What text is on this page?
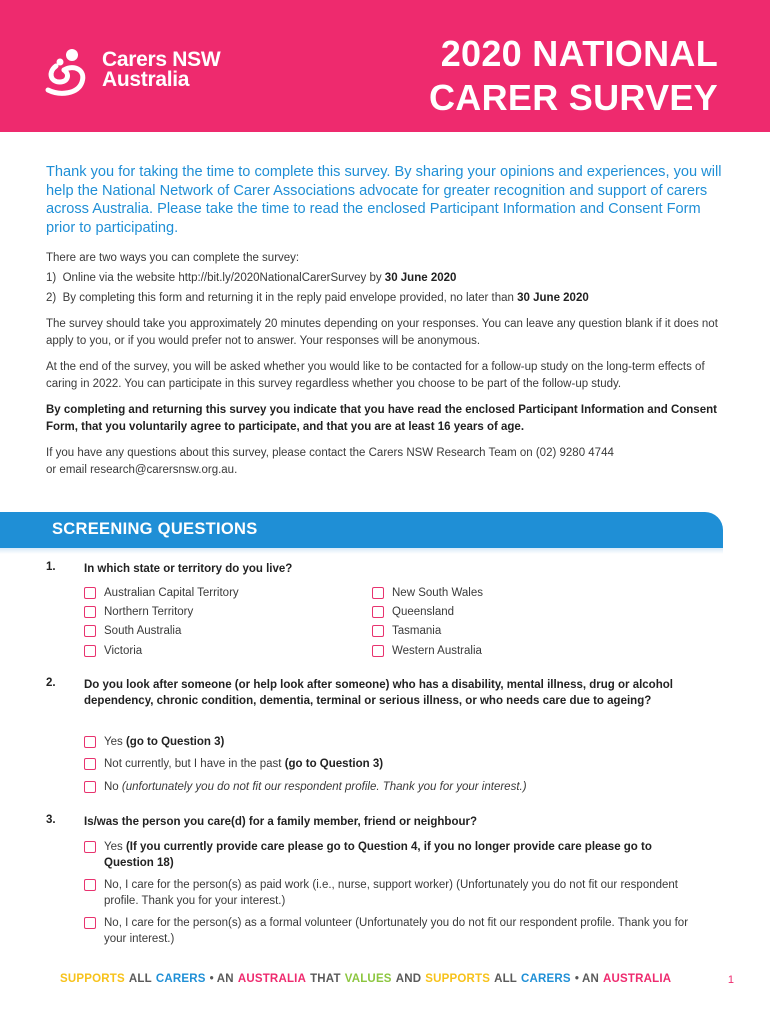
Carers NSW
Australia
2020 NATIONAL
CARER SURVEY
Thank you for taking the time to complete this survey. By sharing your opinions and experiences, you will help the National Network of Carer Associations advocate for greater recognition and support of carers across Australia. Please take the time to read the enclosed Participant Information and Consent Form prior to participating.

There are two ways you can complete the survey:

1)  Online via the website http://bit.ly/2020NationalCarerSurvey by 30 June 2020

2)  By completing this form and returning it in the reply paid envelope provided, no later than 30 June 2020

The survey should take you approximately 20 minutes depending on your responses. You can leave any question blank if it does not apply to you, or if you would prefer not to answer. Your responses will be anonymous.

At the end of the survey, you will be asked whether you would like to be contacted for a follow-up study on the long-term effects of caring in 2022. You can participate in this survey regardless whether you choose to be part of the follow-up study.

By completing and returning this survey you indicate that you have read the enclosed Participant Information and Consent Form, that you voluntarily agree to participate, and that you are at least 16 years of age.

If you have any questions about this survey, please contact the Carers NSW Research Team on (02) 9280 4744
or email research@carersnsw.org.au.

SCREENING QUESTIONS
1. In which state or territory do you live?
Australian Capital Territory
Northern Territory
South Australia
Victoria
New South Wales
Queensland
Tasmania
Western Australia
2. Do you look after someone (or help look after someone) who has a disability, mental illness, drug or alcohol dependency, chronic condition, dementia, terminal or serious illness, or who needs care due to ageing?
Yes (go to Question 3)
Not currently, but I have in the past (go to Question 3)
No (unfortunately you do not fit our respondent profile. Thank you for your interest.)
3. Is/was the person you care(d) for a family member, friend or neighbour?
Yes (If you currently provide care please go to Question 4, if you no longer provide care please go to Question 18)
No, I care for the person(s) as paid work (i.e., nurse, support worker) (Unfortunately you do not fit our respondent profile. Thank you for your interest.)
No, I care for the person(s) as a formal volunteer (Unfortunately you do not fit our respondent profile. Thank you for your interest.)
SUPPORTS ALL CARERS • AN AUSTRALIA THAT VALUES AND SUPPORTS ALL CARERS • AN AUSTRALIA	1
